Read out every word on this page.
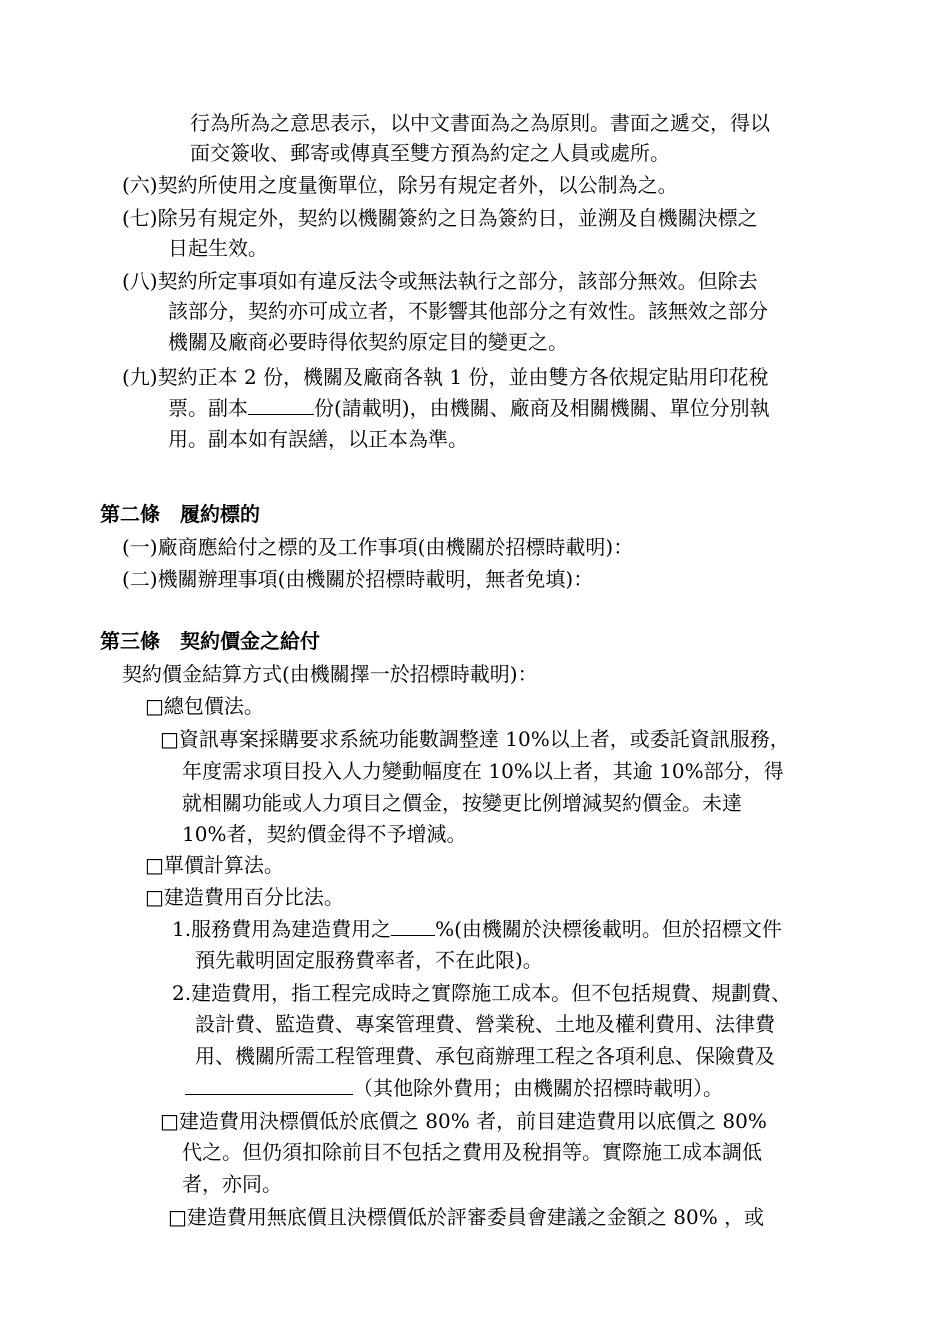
行為所為之意思表示，以中文書面為之為原則。書面之遞交，得以
面交簽收、郵寄或傳真至雙方預為約定之人員或處所。
(六)契約所使用之度量衡單位，除另有規定者外，以公制為之。
(七)除另有規定外，契約以機關簽約之日為簽約日，並溯及自機關決標之
日起生效。
(八)契約所定事項如有違反法令或無法執行之部分，該部分無效。但除去
該部分，契約亦可成立者，不影響其他部分之有效性。該無效之部分
機關及廠商必要時得依契約原定目的變更之。
(九)契約正本 2 份，機關及廠商各執 1 份，並由雙方各依規定貼用印花稅
票。副本	份(請載明)，由機關、廠商及相關機關、單位分別執
用。副本如有誤繕，以正本為準。
第二條　履約標的
(一)廠商應給付之標的及工作事項(由機關於招標時載明)：
(二)機關辦理事項(由機關於招標時載明，無者免填)：
第三條　契約價金之給付
契約價金結算方式(由機關擇一於招標時載明)：
□總包價法。
□資訊專案採購要求系統功能數調整達 10%以上者，或委託資訊服務，
年度需求項目投入人力變動幅度在 10%以上者，其逾 10%部分，得
就相關功能或人力項目之價金，按變更比例增減契約價金。未達
10%者，契約價金得不予增減。
□單價計算法。
□建造費用百分比法。
1.服務費用為建造費用之 %(由機關於決標後載明。但於招標文件
預先載明固定服務費率者，不在此限)。
2.建造費用，指工程完成時之實際施工成本。但不包括規費、規劃費、
設計費、監造費、專案管理費、營業稅、土地及權利費用、法律費
用、機關所需工程管理費、承包商辦理工程之各項利息、保險費及
（其他除外費用；由機關於招標時載明）。
□建造費用決標價低於底價之 80% 者，前目建造費用以底價之 80%
代之。但仍須扣除前目不包括之費用及稅捐等。實際施工成本調低
者，亦同。
□建造費用無底價且決標價低於評審委員會建議之金額之 80% ，或
